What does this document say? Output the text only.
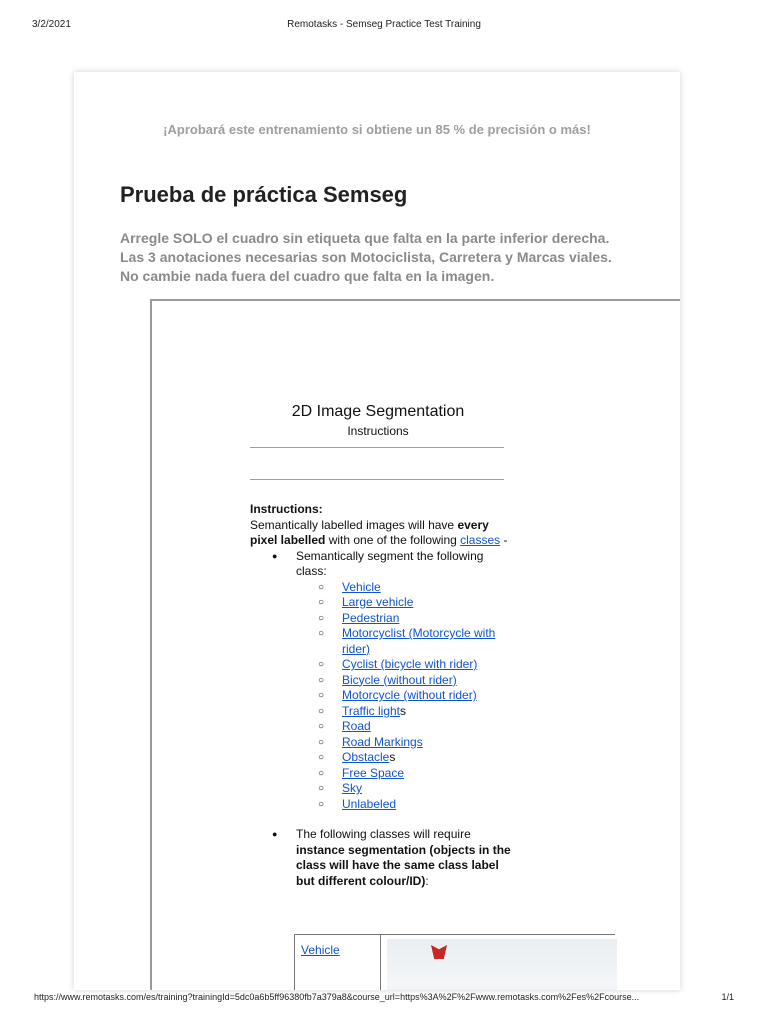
3/2/2021	Remotasks - Semseg Practice Test Training
¡Aprobará este entrenamiento si obtiene un 85 % de precisión o más!
Prueba de práctica Semseg
Arregle SOLO el cuadro sin etiqueta que falta en la parte inferior derecha.
Las 3 anotaciones necesarias son Motociclista, Carretera y Marcas viales.
No cambie nada fuera del cuadro que falta en la imagen.
2D Image Segmentation
Instructions
Instructions:
Semantically labelled images will have every pixel labelled with one of the following classes -
● Semantically segment the following class:
○ Vehicle
○ Large vehicle
○ Pedestrian
○ Motorcyclist (Motorcycle with rider)
○ Cyclist (bicycle with rider)
○ Bicycle (without rider)
○ Motorcycle (without rider)
○ Traffic lights
○ Road
○ Road Markings
○ Obstacles
○ Free Space
○ Sky
○ Unlabeled
● The following classes will require instance segmentation (objects in the class will have the same class label but different colour/ID):
Vehicle
https://www.remotasks.com/es/training?trainingId=5dc0a6b5ff96380fb7a379a8&course_url=https%3A%2F%2Fwww.remotasks.com%2Fes%2Fcourse...	1/1
